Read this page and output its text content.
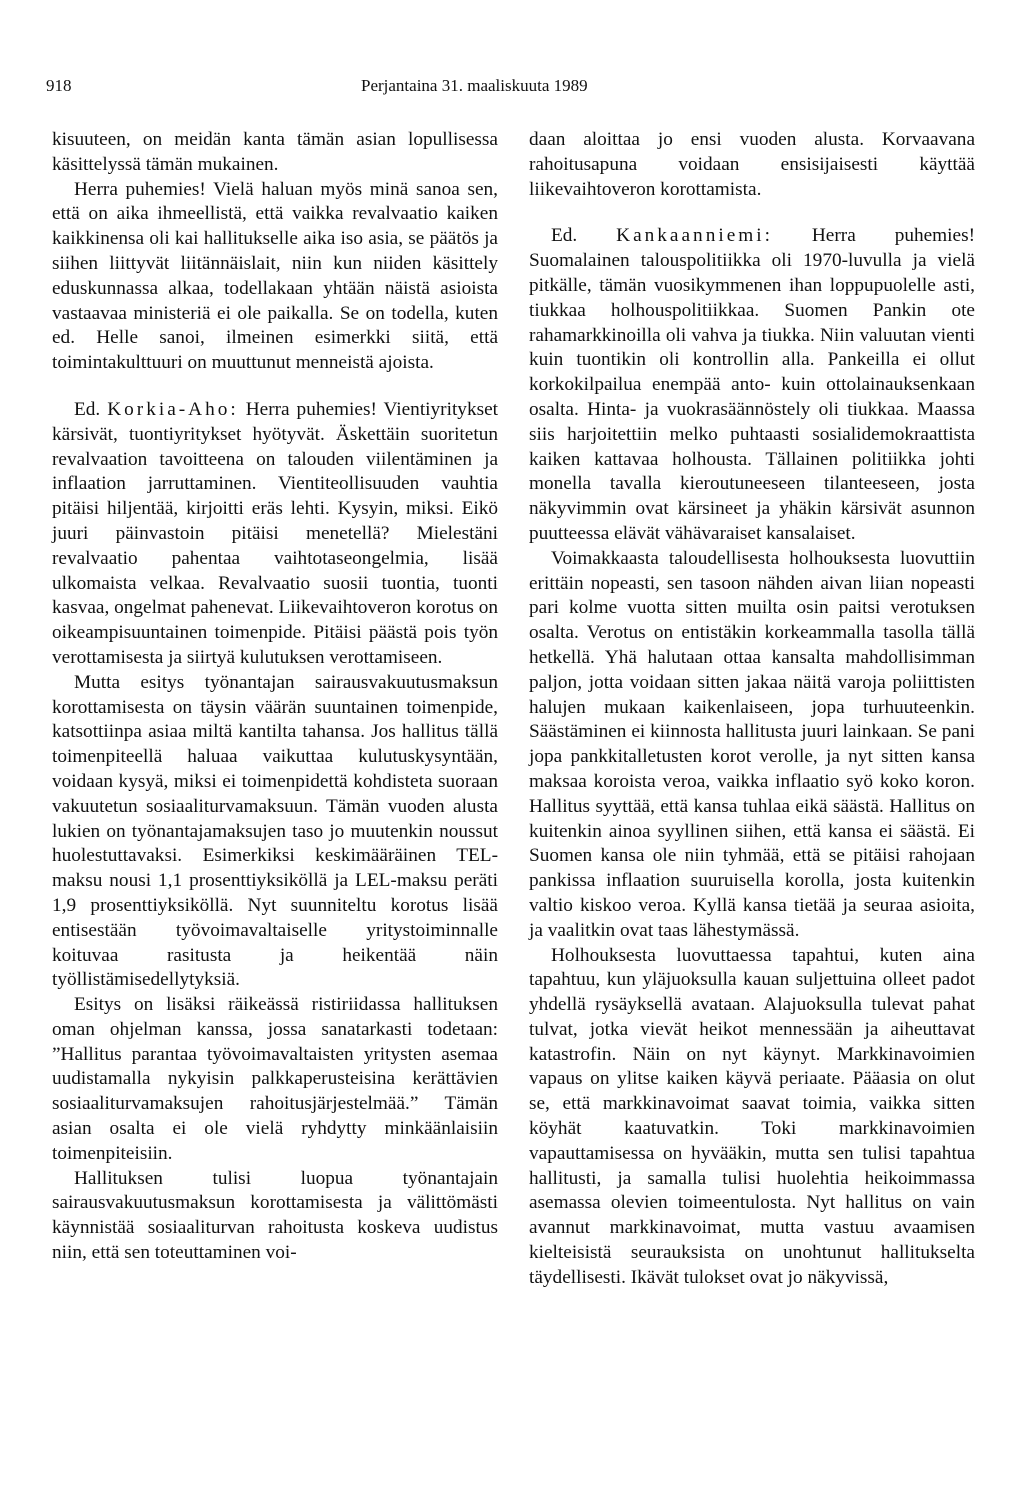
918	Perjantaina 31. maaliskuuta 1989

kisuuteen, on meidän kanta tämän asian lopullisessa käsittelyssä tämän mukainen.

Herra puhemies! Vielä haluan myös minä sanoa sen, että on aika ihmeellistä, että vaikka revalvaatio kaiken kaikkinensa oli kai hallitukselle aika iso asia, se päätös ja siihen liittyvät liitännäislait, niin kun niiden käsittely eduskunnassa alkaa, todellakaan yhtään näistä asioista vastaavaa ministeriä ei ole paikalla. Se on todella, kuten ed. Helle sanoi, ilmeinen esimerkki siitä, että toimintakulttuuri on muuttunut menneistä ajoista.

Ed. Korkia-Aho: Herra puhemies! Vientiyritykset kärsivät, tuontiyritykset hyötyvät. Äskettäin suoritetun revalvaation tavoitteena on talouden viilentäminen ja inflaation jarruttaminen. Vientiteollisuuden vauhtia pitäisi hiljentää, kirjoitti eräs lehti. Kysyin, miksi. Eikö juuri päinvastoin pitäisi menetellä? Mielestäni revalvaatio pahentaa vaihtotaseongelmia, lisää ulkomaista velkaa. Revalvaatio suosii tuontia, tuonti kasvaa, ongelmat pahenevat. Liikevaihtoveron korotus on oikeampisuuntainen toimenpide. Pitäisi päästä pois työn verottamisesta ja siirtyä kulutuksen verottamiseen.

Mutta esitys työnantajan sairausvakuutusmaksun korottamisesta on täysin väärän suuntainen toimenpide, katsottiinpa asiaa miltä kantilta tahansa. Jos hallitus tällä toimenpiteellä haluaa vaikuttaa kulutuskysyntään, voidaan kysyä, miksi ei toimenpidettä kohdisteta suoraan vakuutetun sosiaaliturvamaksuun. Tämän vuoden alusta lukien on työnantajamaksujen taso jo muutenkin noussut huolestuttavaksi. Esimerkiksi keskimääräinen TEL-maksu nousi 1,1 prosenttiyksiköllä ja LEL-maksu peräti 1,9 prosenttiyksiköllä. Nyt suunniteltu korotus lisää entisestään työvoimavaltaiselle yritystoiminnalle koituvaa rasitusta ja heikentää näin työllistämisedellytyksiä.

Esitys on lisäksi räikeässä ristiriidassa hallituksen oman ohjelman kanssa, jossa sanatarkasti todetaan: ”Hallitus parantaa työvoimavaltaisten yritysten asemaa uudistamalla nykyisin palkkaperusteisina kerättävien sosiaaliturvamaksujen rahoitusjärjestelmää.” Tämän asian osalta ei ole vielä ryhdytty minkäänlaisiin toimenpiteisiin.

Hallituksen tulisi luopua työnantajain sairausvakuutusmaksun korottamisesta ja välittömästi käynnistää sosiaaliturvan rahoitusta koskeva uudistus niin, että sen toteuttaminen voi-

daan aloittaa jo ensi vuoden alusta. Korvaavana rahoitusapuna voidaan ensisijaisesti käyttää liikevaihtoveron korottamista.

Ed. Kankaanniemi: Herra puhemies! Suomalainen talouspolitiikka oli 1970-luvulla ja vielä pitkälle, tämän vuosikymmenen ihan loppupuolelle asti, tiukkaa holhouspolitiikkaa. Suomen Pankin ote rahamarkkinoilla oli vahva ja tiukka. Niin valuutan vienti kuin tuontikin oli kontrollin alla. Pankeilla ei ollut korkokilpailua enempää anto- kuin ottolainauksenkaan osalta. Hinta- ja vuokrasäännöstely oli tiukkaa. Maassa siis harjoitettiin melko puhtaasti sosialidemokraattista kaiken kattavaa holhousta. Tällainen politiikka johti monella tavalla kieroutuneeseen tilanteeseen, josta näkyvimmin ovat kärsineet ja yhäkin kärsivät asunnon puutteessa elävät vähävaraiset kansalaiset.

Voimakkaasta taloudellisesta holhouksesta luovuttiin erittäin nopeasti, sen tasoon nähden aivan liian nopeasti pari kolme vuotta sitten muilta osin paitsi verotuksen osalta. Verotus on entistäkin korkeammalla tasolla tällä hetkellä. Yhä halutaan ottaa kansalta mahdollisimman paljon, jotta voidaan sitten jakaa näitä varoja poliittisten halujen mukaan kaikenlaiseen, jopa turhuuteenkin. Säästäminen ei kiinnosta hallitusta juuri lainkaan. Se pani jopa pankkitalletusten korot verolle, ja nyt sitten kansa maksaa koroista veroa, vaikka inflaatio syö koko koron. Hallitus syyttää, että kansa tuhlaa eikä säästä. Hallitus on kuitenkin ainoa syyllinen siihen, että kansa ei säästä. Ei Suomen kansa ole niin tyhmää, että se pitäisi rahojaan pankissa inflaation suuruisella korolla, josta kuitenkin valtio kiskoo veroa. Kyllä kansa tietää ja seuraa asioita, ja vaalitkin ovat taas lähestymässä.

Holhouksesta luovuttaessa tapahtui, kuten aina tapahtuu, kun yläjuoksulla kauan suljettuina olleet padot yhdellä rysäyksellä avataan. Alajuoksulla tulevat pahat tulvat, jotka vievät heikot mennessään ja aiheuttavat katastrofin. Näin on nyt käynyt. Markkinavoimien vapaus on ylitse kaiken käyvä periaate. Pääasia on olut se, että markkinavoimat saavat toimia, vaikka sitten köyhät kaatuvatkin. Toki markkinavoimien vapauttamisessa on hyvääkin, mutta sen tulisi tapahtua hallitusti, ja samalla tulisi huolehtia heikoimmassa asemassa olevien toimeentulosta. Nyt hallitus on vain avannut markkinavoimat, mutta vastuu avaamisen kielteisistä seurauksista on unohtunut hallitukselta täydellisesti. Ikävät tulokset ovat jo näkyvissä,
